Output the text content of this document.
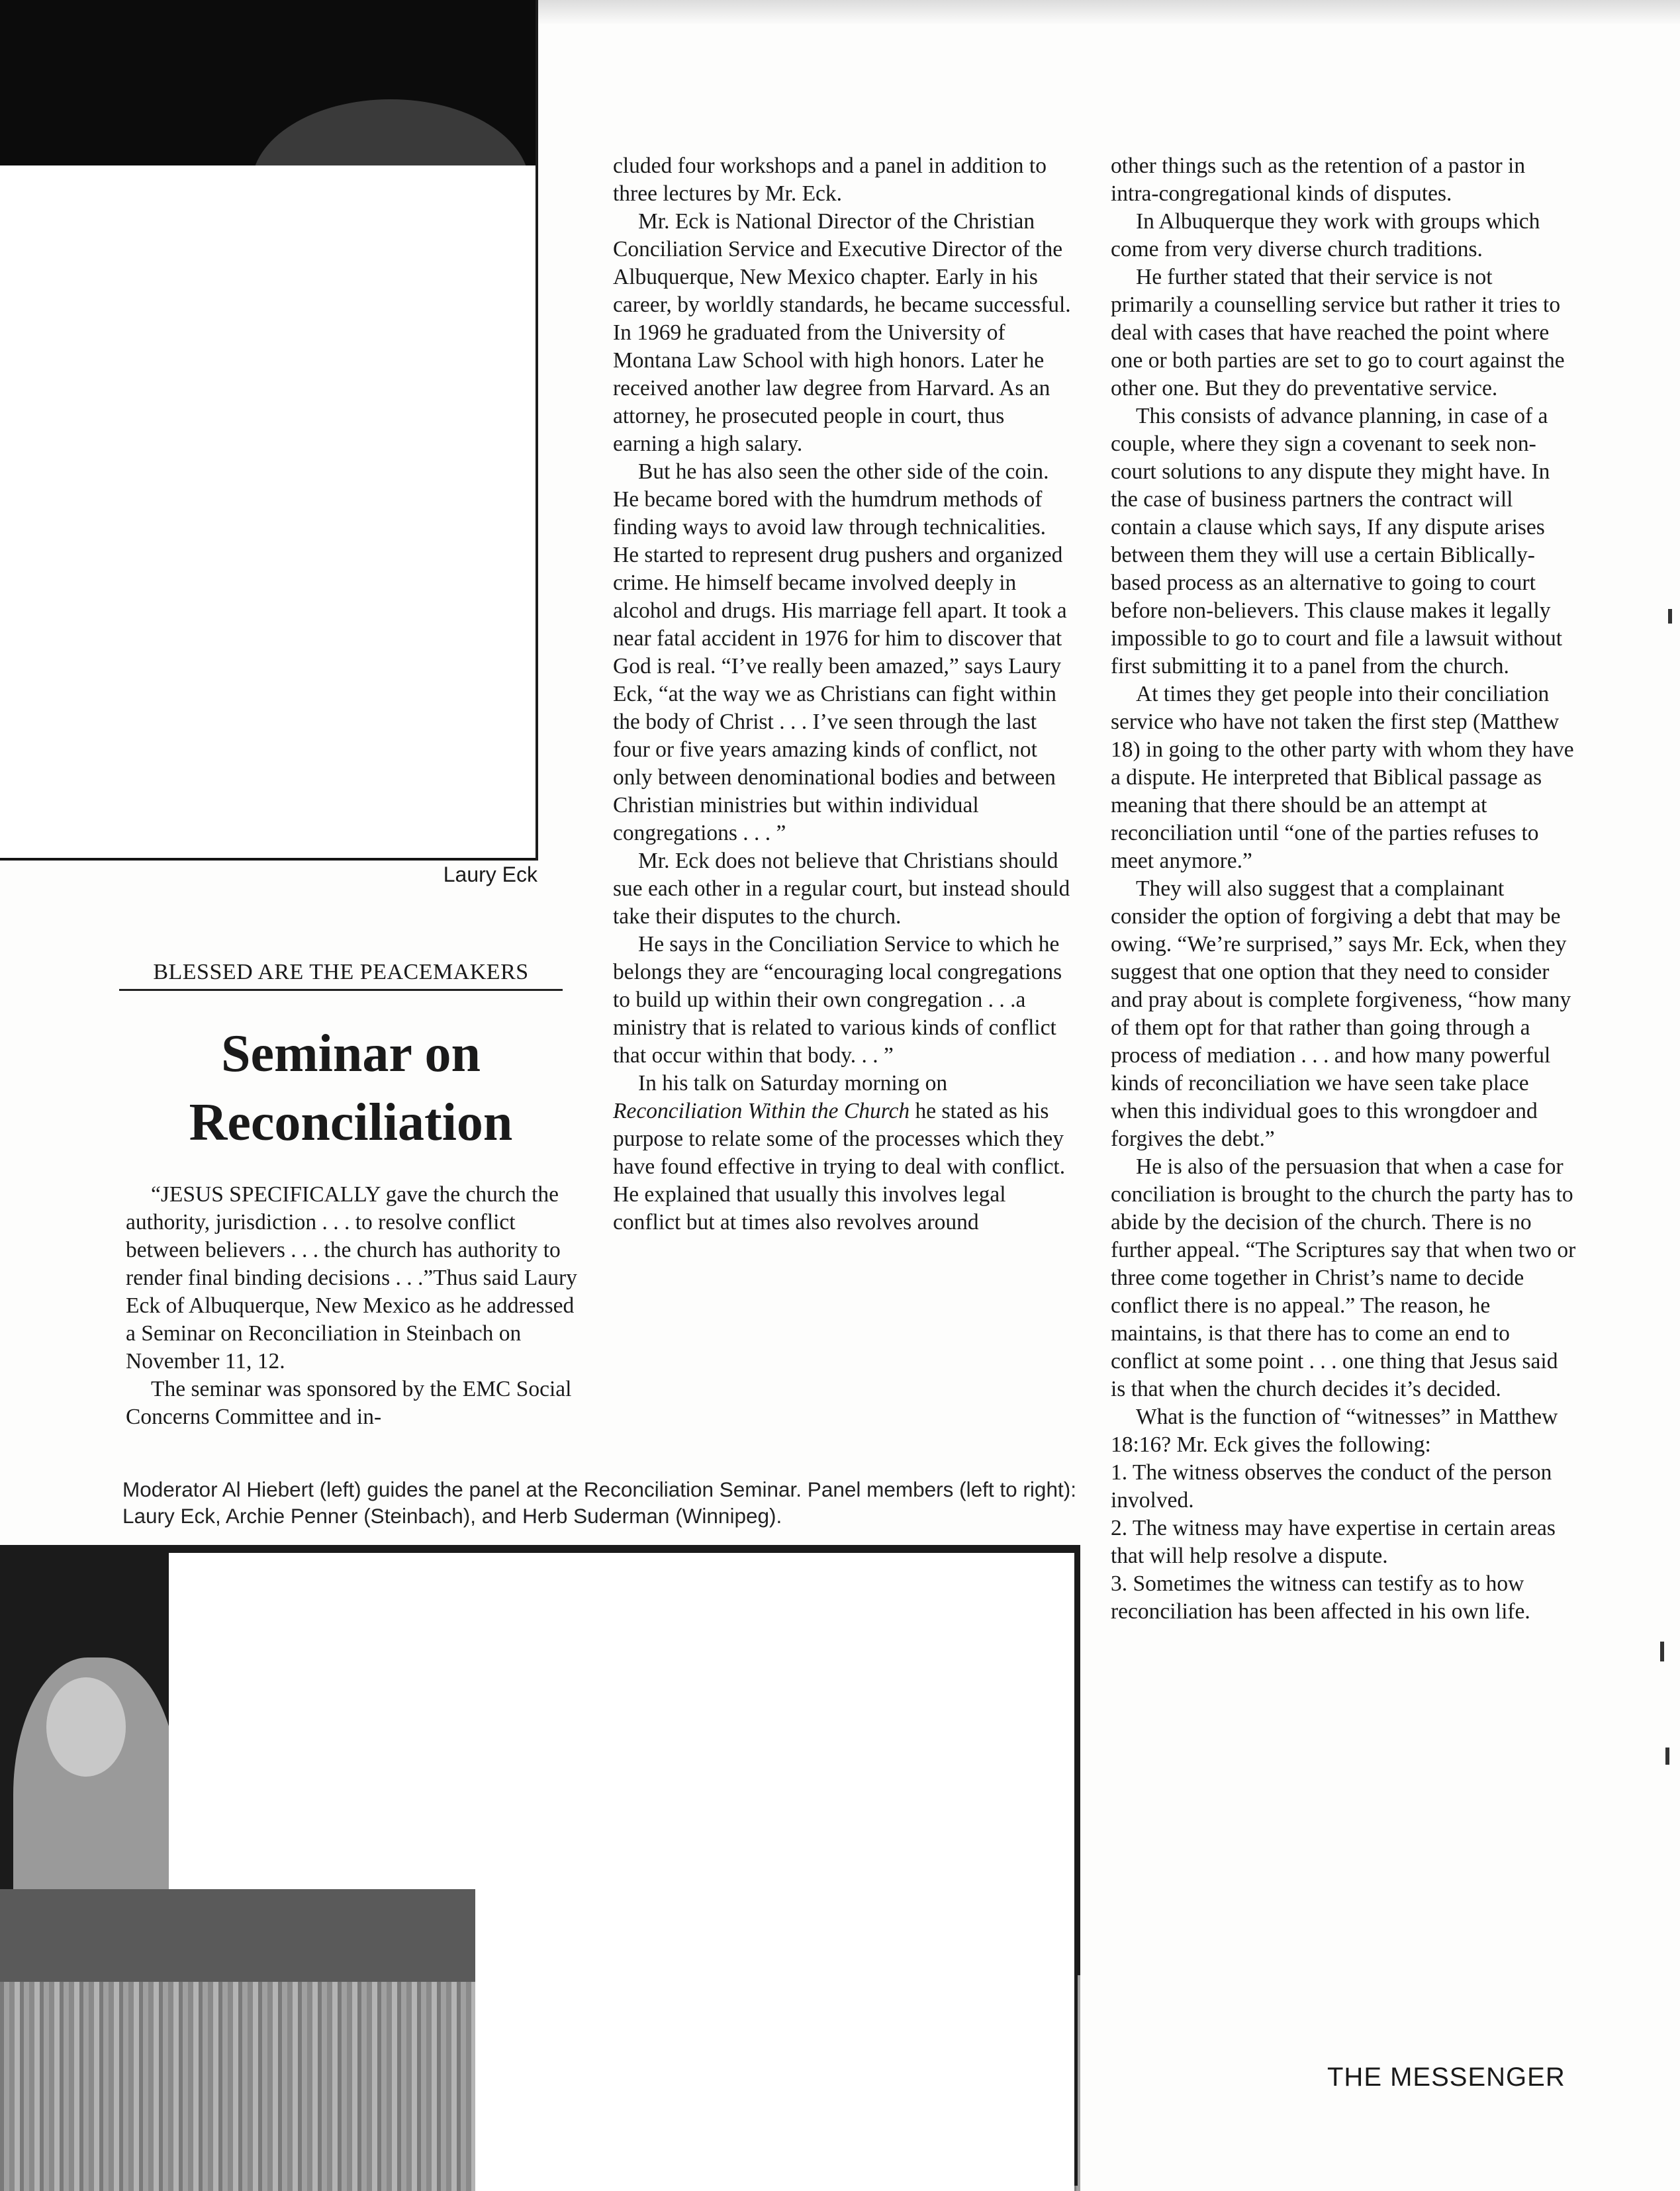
Laury Eck
BLESSED ARE THE PEACEMAKERS
Seminar on Reconciliation

“JESUS SPECIFICALLY gave the church the authority, jurisdiction . . . to resolve conflict between believers . . . the church has authority to render final binding decisions . . .”Thus said Laury Eck of Albuquerque, New Mexico as he addressed a Seminar on Reconciliation in Steinbach on November 11, 12.

The seminar was sponsored by the EMC Social Concerns Committee and in-

cluded four workshops and a panel in addition to three lectures by Mr. Eck.

Mr. Eck is National Director of the Christian Conciliation Service and Executive Director of the Albuquerque, New Mexico chapter. Early in his career, by worldly standards, he became successful. In 1969 he graduated from the University of Montana Law School with high honors. Later he received another law degree from Harvard. As an attorney, he prosecuted people in court, thus earning a high salary.

But he has also seen the other side of the coin. He became bored with the humdrum methods of finding ways to avoid law through technicalities. He started to represent drug pushers and organized crime. He himself became involved deeply in alcohol and drugs. His marriage fell apart. It took a near fatal accident in 1976 for him to discover that God is real. “I’ve really been amazed,” says Laury Eck, “at the way we as Christians can fight within the body of Christ . . . I’ve seen through the last four or five years amazing kinds of conflict, not only between denominational bodies and between Christian ministries but within individual congregations . . . ”

Mr. Eck does not believe that Christians should sue each other in a regular court, but instead should take their disputes to the church.

He says in the Conciliation Service to which he belongs they are “encouraging local congregations to build up within their own congregation . . .a ministry that is related to various kinds of conflict that occur within that body. . . ”

In his talk on Saturday morning on Reconciliation Within the Church he stated as his purpose to relate some of the processes which they have found effective in trying to deal with conflict. He explained that usually this involves legal conflict but at times also revolves around

other things such as the retention of a pastor in intra-congregational kinds of disputes.

In Albuquerque they work with groups which come from very diverse church traditions.

He further stated that their service is not primarily a counselling service but rather it tries to deal with cases that have reached the point where one or both parties are set to go to court against the other one. But they do preventative service.

This consists of advance planning, in case of a couple, where they sign a covenant to seek non-court solutions to any dispute they might have. In the case of business partners the contract will contain a clause which says, If any dispute arises between them they will use a certain Biblically-based process as an alternative to going to court before non-believers. This clause makes it legally impossible to go to court and file a lawsuit without first submitting it to a panel from the church.

At times they get people into their conciliation service who have not taken the first step (Matthew 18) in going to the other party with whom they have a dispute. He interpreted that Biblical passage as meaning that there should be an attempt at reconciliation until “one of the parties refuses to meet anymore.”

They will also suggest that a complainant consider the option of forgiving a debt that may be owing. “We’re surprised,” says Mr. Eck, when they suggest that one option that they need to consider and pray about is complete forgiveness, “how many of them opt for that rather than going through a process of mediation . . . and how many powerful kinds of reconciliation we have seen take place when this individual goes to this wrongdoer and forgives the debt.”

He is also of the persuasion that when a case for conciliation is brought to the church the party has to abide by the decision of the church. There is no further appeal. “The Scriptures say that when two or three come together in Christ’s name to decide conflict there is no appeal.” The reason, he maintains, is that there has to come an end to conflict at some point . . . one thing that Jesus said is that when the church decides it’s decided.

What is the function of “witnesses” in Matthew 18:16? Mr. Eck gives the following:

1. The witness observes the conduct of the person involved.

2. The witness may have expertise in certain areas that will help resolve a dispute.

3. Sometimes the witness can testify as to how reconciliation has been affected in his own life.

Moderator Al Hiebert (left) guides the panel at the Reconciliation Seminar. Panel members (left to right): Laury Eck, Archie Penner (Steinbach), and Herb Suderman (Winnipeg).
THE MESSENGER
